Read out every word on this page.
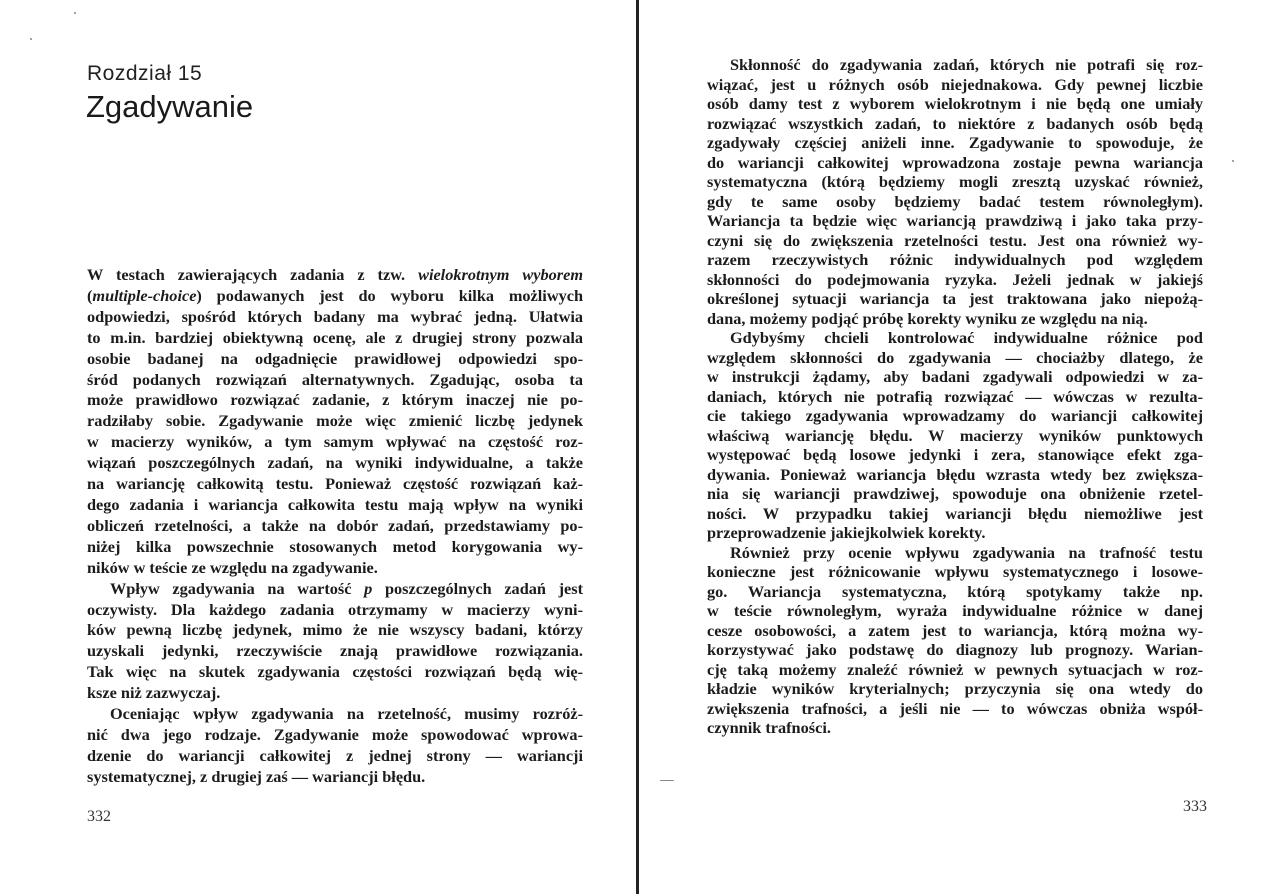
Rozdział 15
Zgadywanie
W testach zawierających zadania z tzw. wielokrotnym wyborem
(multiple-choice) podawanych jest do wyboru kilka możliwych
odpowiedzi, spośród których badany ma wybrać jedną. Ułatwia
to m.in. bardziej obiektywną ocenę, ale z drugiej strony pozwala
osobie badanej na odgadnięcie prawidłowej odpowiedzi spo-
śród podanych rozwiązań alternatywnych. Zgadując, osoba ta
może prawidłowo rozwiązać zadanie, z którym inaczej nie po-
radziłaby sobie. Zgadywanie może więc zmienić liczbę jedynek
w macierzy wyników, a tym samym wpływać na częstość roz-
wiązań poszczególnych zadań, na wyniki indywidualne, a także
na wariancję całkowitą testu. Ponieważ częstość rozwiązań każ-
dego zadania i wariancja całkowita testu mają wpływ na wyniki
obliczeń rzetelności, a także na dobór zadań, przedstawiamy po-
niżej kilka powszechnie stosowanych metod korygowania wy-
ników w teście ze względu na zgadywanie.
Wpływ zgadywania na wartość p poszczególnych zadań jest
oczywisty. Dla każdego zadania otrzymamy w macierzy wyni-
ków pewną liczbę jedynek, mimo że nie wszyscy badani, którzy
uzyskali jedynki, rzeczywiście znają prawidłowe rozwiązania.
Tak więc na skutek zgadywania częstości rozwiązań będą wię-
ksze niż zazwyczaj.
Oceniając wpływ zgadywania na rzetelność, musimy rozróż-
nić dwa jego rodzaje. Zgadywanie może spowodować wprowa-
dzenie do wariancji całkowitej z jednej strony — wariancji
systematycznej, z drugiej zaś — wariancji błędu.
332
Skłonność do zgadywania zadań, których nie potrafi się roz-
wiązać, jest u różnych osób niejednakowa. Gdy pewnej liczbie
osób damy test z wyborem wielokrotnym i nie będą one umiały
rozwiązać wszystkich zadań, to niektóre z badanych osób będą
zgadywały częściej aniżeli inne. Zgadywanie to spowoduje, że
do wariancji całkowitej wprowadzona zostaje pewna wariancja
systematyczna (którą będziemy mogli zresztą uzyskać również,
gdy te same osoby będziemy badać testem równoległym).
Wariancja ta będzie więc wariancją prawdziwą i jako taka przy-
czyni się do zwiększenia rzetelności testu. Jest ona również wy-
razem rzeczywistych różnic indywidualnych pod względem
skłonności do podejmowania ryzyka. Jeżeli jednak w jakiejś
określonej sytuacji wariancja ta jest traktowana jako niepożą-
dana, możemy podjąć próbę korekty wyniku ze względu na nią.
Gdybyśmy chcieli kontrolować indywidualne różnice pod
względem skłonności do zgadywania — chociażby dlatego, że
w instrukcji żądamy, aby badani zgadywali odpowiedzi w za-
daniach, których nie potrafią rozwiązać — wówczas w rezulta-
cie takiego zgadywania wprowadzamy do wariancji całkowitej
właściwą wariancję błędu. W macierzy wyników punktowych
występować będą losowe jedynki i zera, stanowiące efekt zga-
dywania. Ponieważ wariancja błędu wzrasta wtedy bez zwiększa-
nia się wariancji prawdziwej, spowoduje ona obniżenie rzetel-
ności. W przypadku takiej wariancji błędu niemożliwe jest
przeprowadzenie jakiejkolwiek korekty.
Również przy ocenie wpływu zgadywania na trafność testu
konieczne jest różnicowanie wpływu systematycznego i losowe-
go. Wariancja systematyczna, którą spotykamy także np.
w teście równoległym, wyraża indywidualne różnice w danej
cesze osobowości, a zatem jest to wariancja, którą można wy-
korzystywać jako podstawę do diagnozy lub prognozy. Warian-
cję taką możemy znaleźć również w pewnych sytuacjach w roz-
kładzie wyników kryterialnych; przyczynia się ona wtedy do
zwiększenia trafności, a jeśli nie — to wówczas obniża współ-
czynnik trafności.
333
